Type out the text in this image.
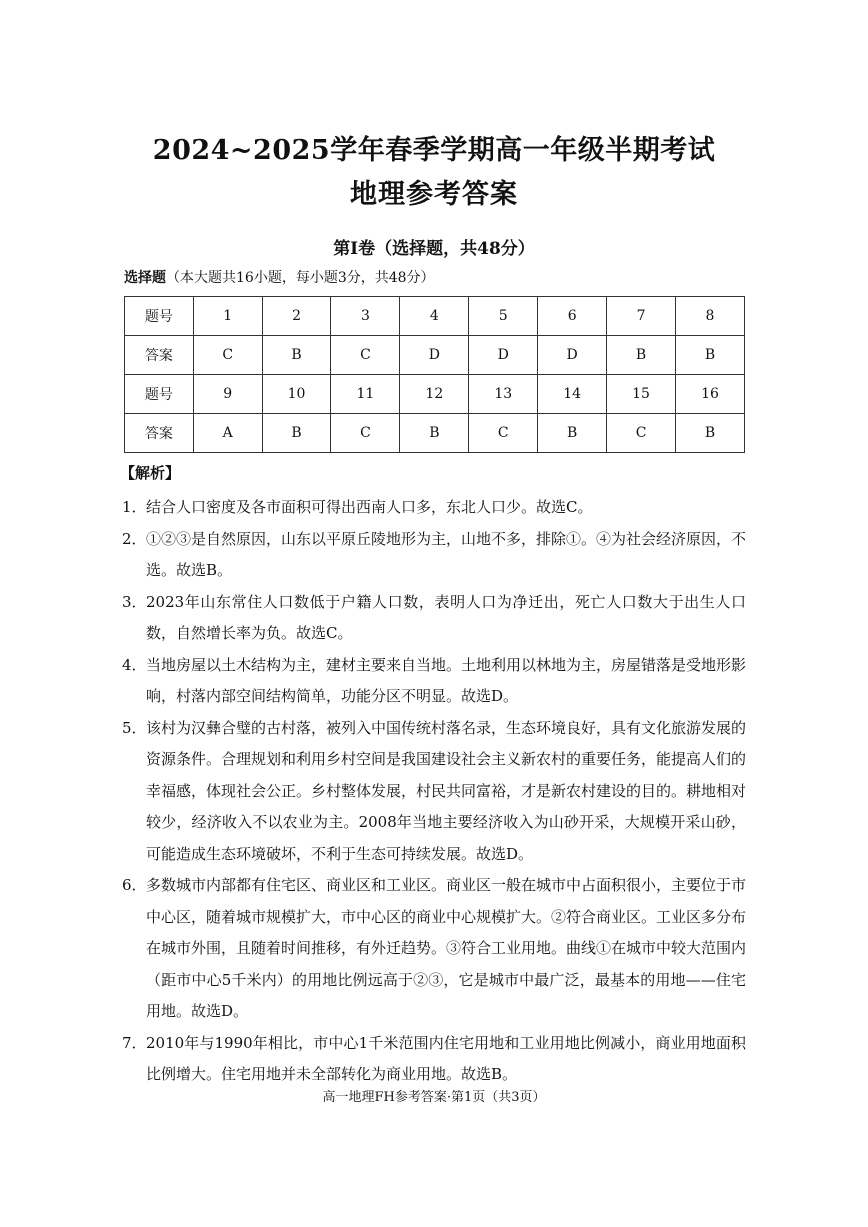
2024~2025学年春季学期高一年级半期考试
地理参考答案
第Ⅰ卷（选择题，共48分）
选择题（本大题共16小题，每小题3分，共48分）
题号	1	2	3	4	5	6	7	8
答案	C	B	C	D	D	D	B	B
题号	9	10	11	12	13	14	15	16
答案	A	B	C	B	C	B	C	B
【解析】
1． 结合人口密度及各市面积可得出西南人口多，东北人口少。故选C。
2． ①②③是自然原因，山东以平原丘陵地形为主，山地不多，排除①。④为社会经济原因，不选。故选B。
3． 2023年山东常住人口数低于户籍人口数，表明人口为净迁出，死亡人口数大于出生人口数，自然增长率为负。故选C。
4． 当地房屋以土木结构为主，建材主要来自当地。土地利用以林地为主，房屋错落是受地形影响，村落内部空间结构简单，功能分区不明显。故选D。
5． 该村为汉彝合璧的古村落，被列入中国传统村落名录，生态环境良好，具有文化旅游发展的资源条件。合理规划和利用乡村空间是我国建设社会主义新农村的重要任务，能提高人们的幸福感，体现社会公正。乡村整体发展，村民共同富裕，才是新农村建设的目的。耕地相对较少，经济收入不以农业为主。2008年当地主要经济收入为山砂开采，大规模开采山砂，可能造成生态环境破坏，不利于生态可持续发展。故选D。
6． 多数城市内部都有住宅区、商业区和工业区。商业区一般在城市中占面积很小，主要位于市中心区，随着城市规模扩大，市中心区的商业中心规模扩大。②符合商业区。工业区多分布在城市外围，且随着时间推移，有外迁趋势。③符合工业用地。曲线①在城市中较大范围内（距市中心5千米内）的用地比例远高于②③，它是城市中最广泛，最基本的用地——住宅用地。故选D。
7． 2010年与1990年相比，市中心1千米范围内住宅用地和工业用地比例减小，商业用地面积比例增大。住宅用地并未全部转化为商业用地。故选B。
高一地理FH参考答案·第1页（共3页）
